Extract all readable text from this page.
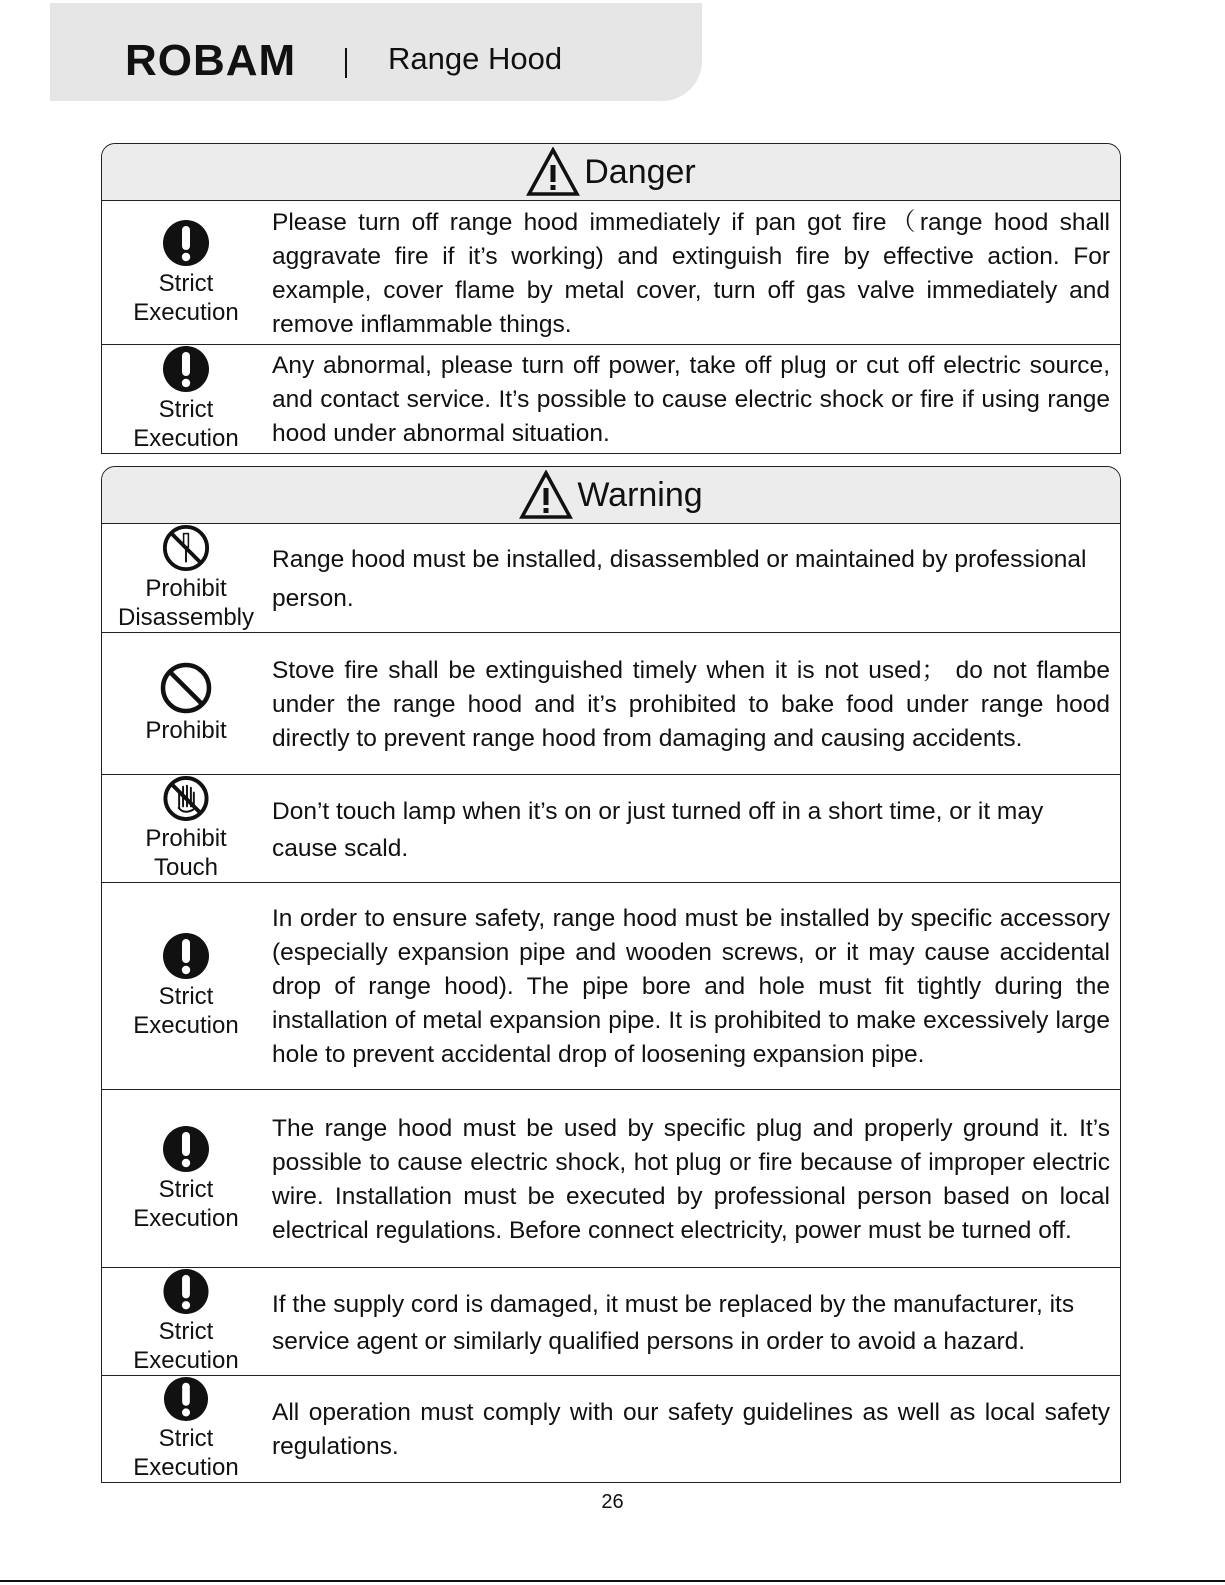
ROBAM	Range Hood
Danger
Strict
Execution
Please turn off range hood immediately if pan got fire（range hood shall aggravate fire if it’s working) and extinguish fire by effective action. For example, cover flame by metal cover, turn off gas valve immediately and remove inflammable things.
Strict
Execution
Any abnormal, please turn off power, take off plug or cut off electric source, and contact service. It’s possible to cause electric shock or fire if using range hood under abnormal situation.
Warning
Prohibit
Disassembly
Range hood must be installed, disassembled or maintained by professional person.
Prohibit
Stove fire shall be extinguished timely when it is not used； do not flambe under the range hood and it’s prohibited to bake food under range hood directly to prevent range hood from damaging and causing accidents.
Prohibit
Touch
Don’t touch lamp when it’s on or just turned off in a short time, or it may cause scald.
Strict
Execution
In order to ensure safety, range hood must be installed by specific accessory (especially expansion pipe and wooden screws, or it may cause accidental drop of range hood). The pipe bore and hole must fit tightly during the installation of metal expansion pipe. It is prohibited to make excessively large hole to prevent accidental drop of loosening expansion pipe.
Strict
Execution
The range hood must be used by specific plug and properly ground it. It’s possible to cause electric shock, hot plug or fire because of improper electric wire. Installation must be executed by professional person based on local electrical regulations. Before connect electricity, power must be turned off.
Strict
Execution
If the supply cord is damaged, it must be replaced by the manufacturer, its service agent or similarly qualified persons in order to avoid a hazard.
Strict
Execution
All operation must comply with our safety guidelines as well as local safety regulations.
26
